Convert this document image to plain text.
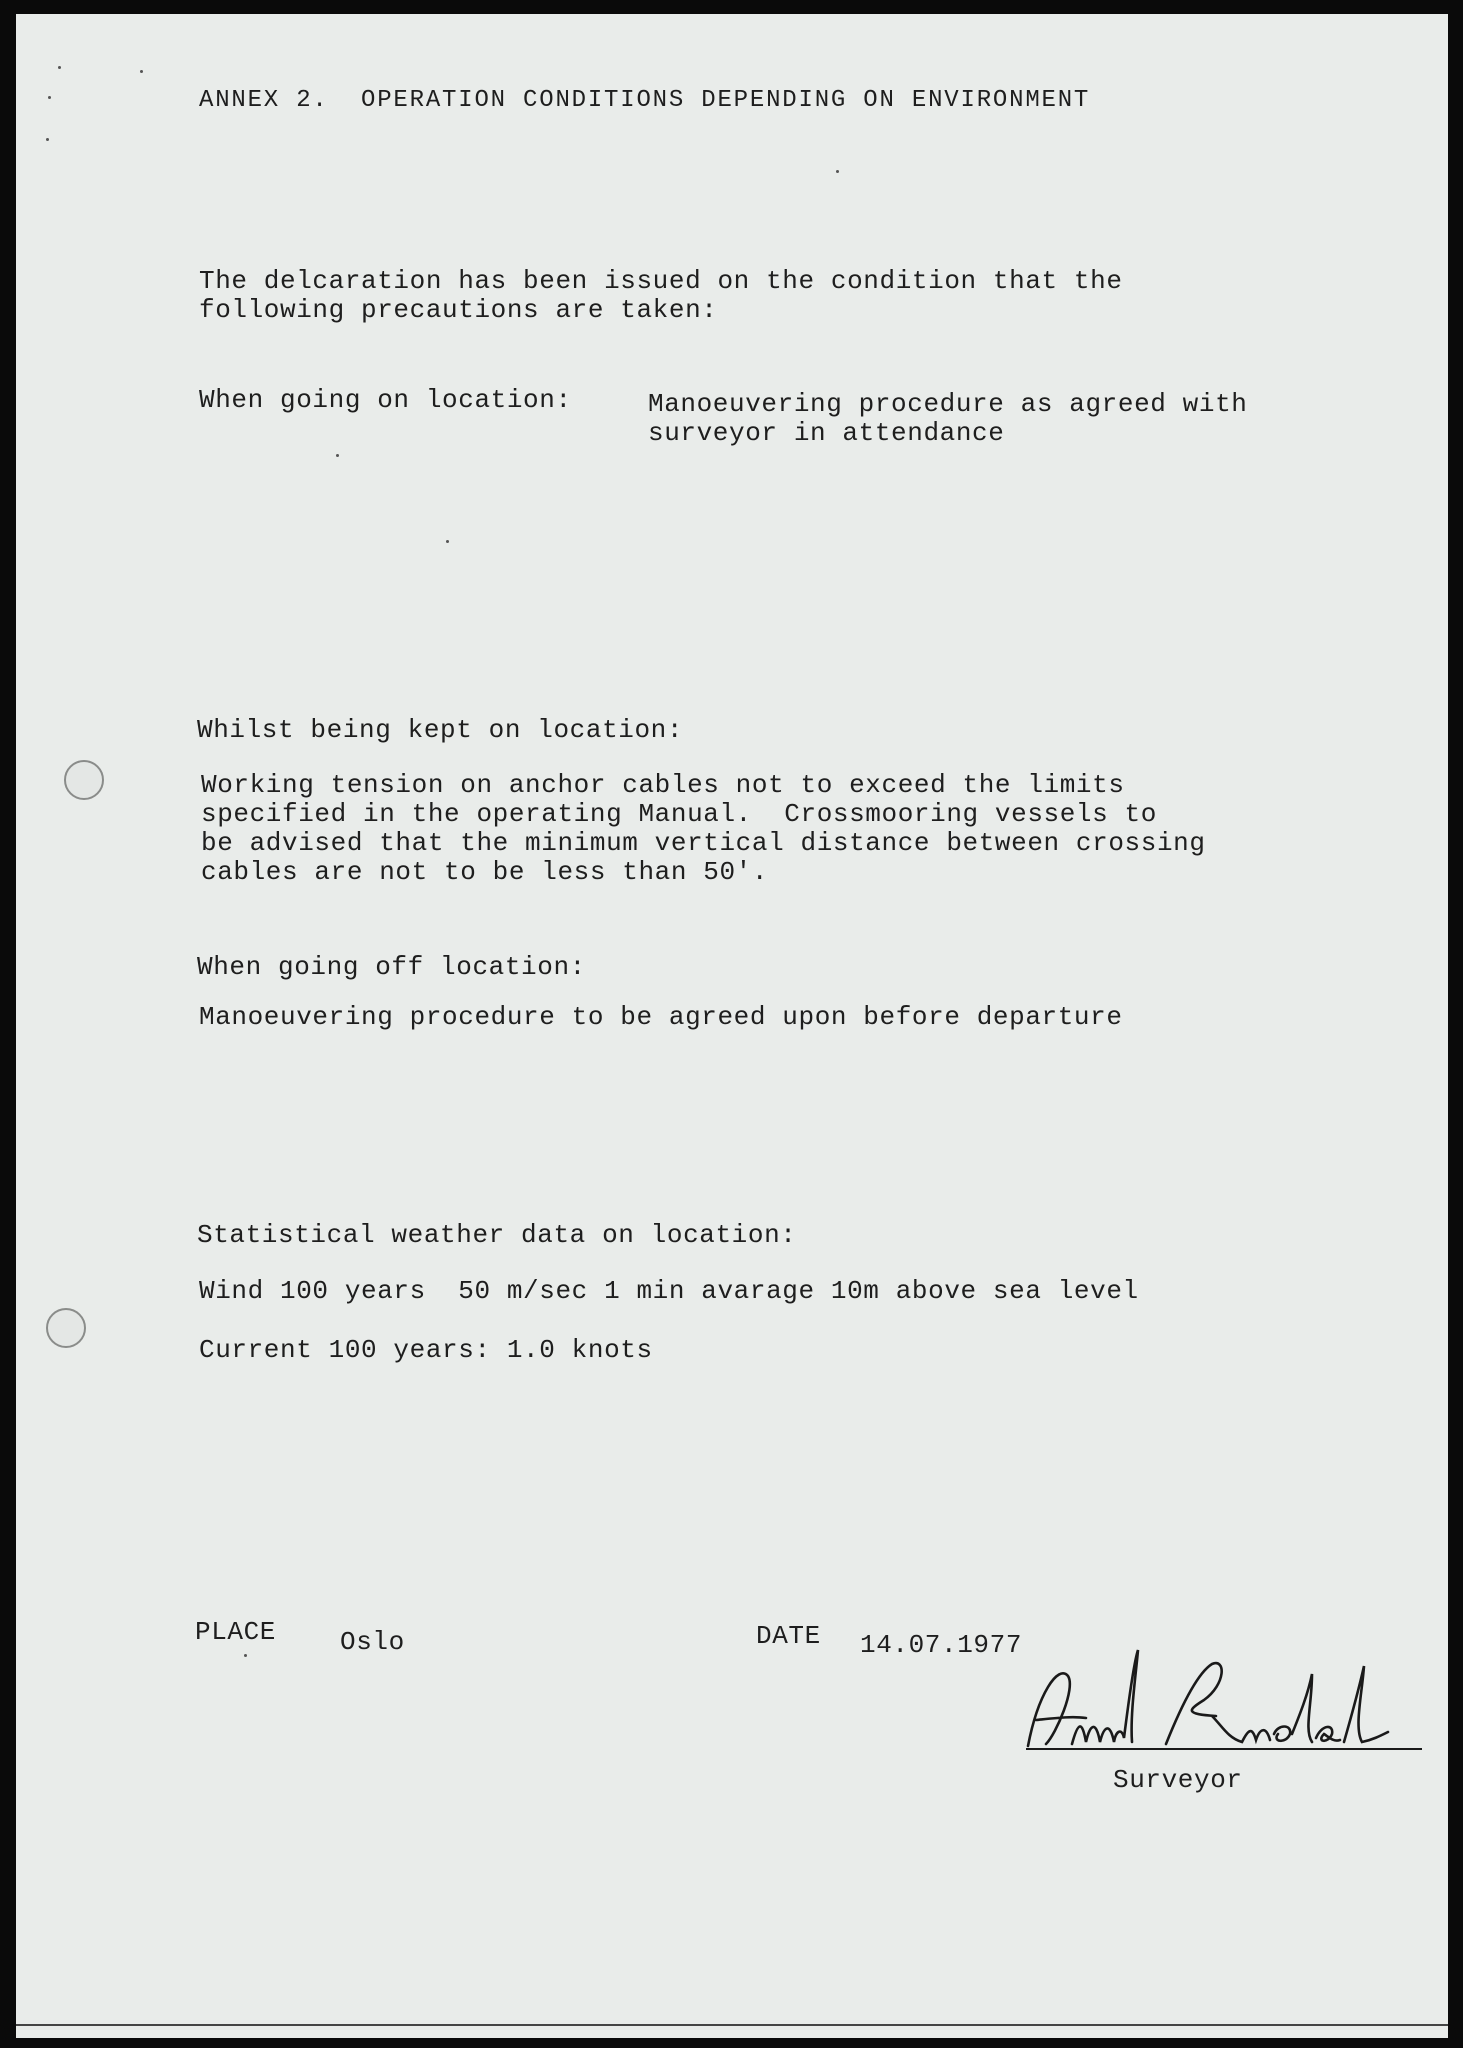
ANNEX 2.  OPERATION CONDITIONS DEPENDING ON ENVIRONMENT
The delcaration has been issued on the condition that the
following precautions are taken:
When going on location:	Manoeuvering procedure as agreed with
surveyor in attendance
Whilst being kept on location:
Working tension on anchor cables not to exceed the limits
specified in the operating Manual.  Crossmooring vessels to
be advised that the minimum vertical distance between crossing
cables are not to be less than 50'.
When going off location:
Manoeuvering procedure to be agreed upon before departure
Statistical weather data on location:
Wind 100 years  50 m/sec 1 min avarage 10m above sea level
Current 100 years: 1.0 knots
PLACE Oslo	DATE 14.07.1977
Surveyor
